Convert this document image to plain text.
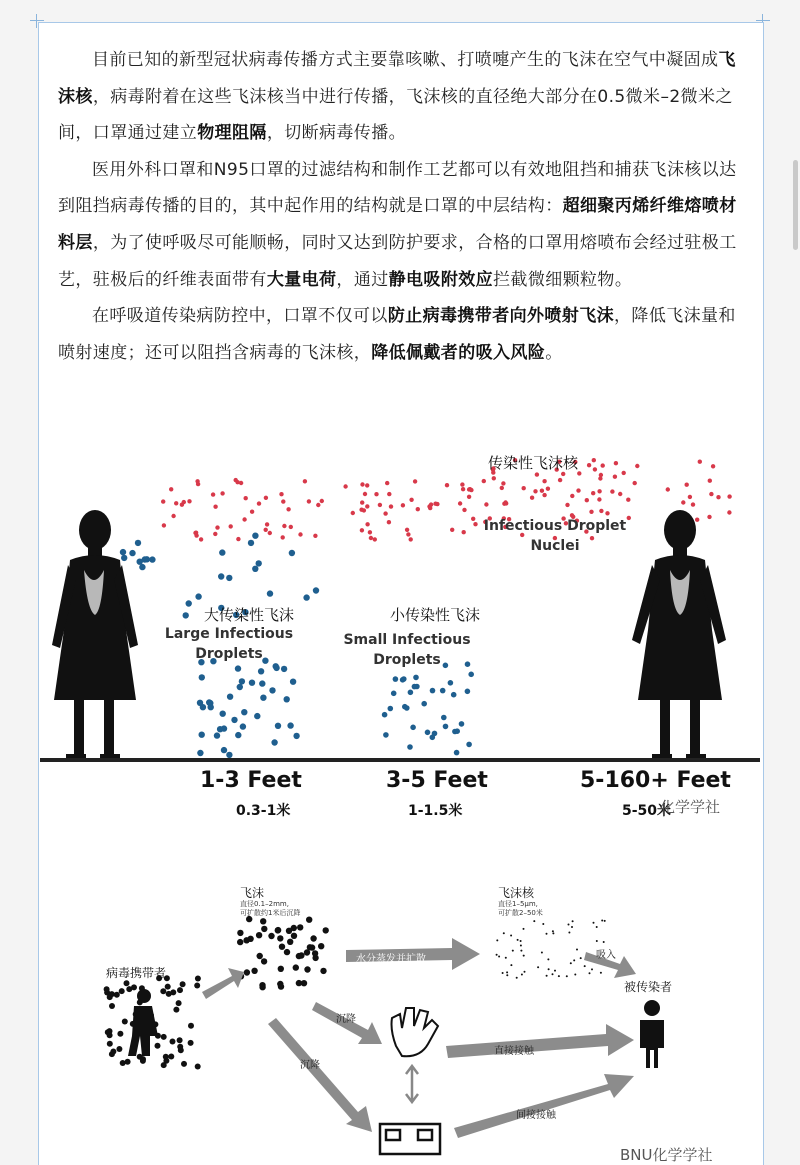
目前已知的新型冠状病毒传播方式主要靠咳嗽、打喷嚏产生的飞沫在空气中凝固成飞沫核，病毒附着在这些飞沫核当中进行传播，飞沫核的直径绝大部分在0.5微米–2微米之间，口罩通过建立物理阻隔，切断病毒传播。

医用外科口罩和N95口罩的过滤结构和制作工艺都可以有效地阻挡和捕获飞沫核以达到阻挡病毒传播的目的，其中起作用的结构就是口罩的中层结构：超细聚丙烯纤维熔喷材料层，为了使呼吸尽可能顺畅，同时又达到防护要求，合格的口罩用熔喷布会经过驻极工艺，驻极后的纤维表面带有大量电荷，通过静电吸附效应拦截微细颗粒物。

在呼吸道传染病防控中，口罩不仅可以防止病毒携带者向外喷射飞沫，降低飞沫量和喷射速度；还可以阻挡含病毒的飞沫核，降低佩戴者的吸入风险。

传染性飞沫核
Infectious Droplet
Nuclei
大传染性飞沫
Large Infectious
Droplets
小传染性飞沫
Small Infectious
Droplets
1-3 Feet
0.3-1米
3-5 Feet
1-1.5米
5-160+ Feet
5-50米
化学学社
病毒携带者
飞沫
直径0.1–2mm,
可扩散约1米后沉降
飞沫核
直径1–5μm,
可扩散2–50米
水分蒸发并扩散	吸入
被传染者
沉降
沉降
直接接触
间接接触
BNU化学学社
